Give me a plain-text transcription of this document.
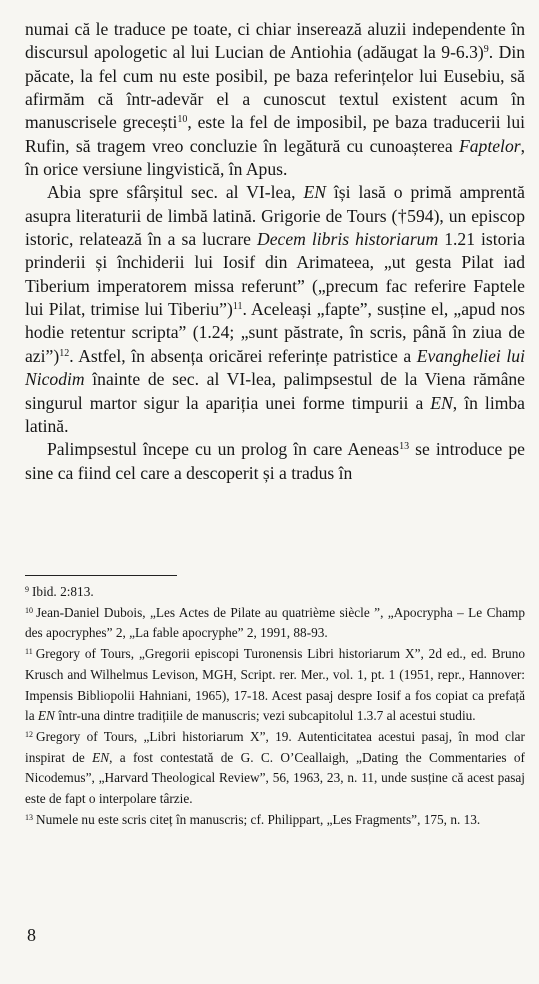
numai că le traduce pe toate, ci chiar inserează aluzii independente în discursul apologetic al lui Lucian de Antiohia (adăugat la 9-6.3)$^9$. Din păcate, la fel cum nu este posibil, pe baza referințelor lui Eusebiu, să afirmăm că într-adevăr el a cunoscut textul existent acum în manuscrisele grecești$^{10}$, este la fel de imposibil, pe baza traducerii lui Rufin, să tragem vreo concluzie în legătură cu cunoașterea Faptelor, în orice versiune lingvistică, în Apus.

Abia spre sfârșitul sec. al VI-lea, EN își lasă o primă amprentă asupra literaturii de limbă latină. Grigorie de Tours (†594), un episcop istoric, relatează în a sa lucrare Decem libris historiarum 1.21 istoria prinderii și închiderii lui Iosif din Arimateea, „ut gesta Pilat iad Tiberium imperatorem missa referunt” („precum fac referire Faptele lui Pilat, trimise lui Tiberiu”)$^{11}$. Aceleași „fapte”, susține el, „apud nos hodie retentur scripta” (1.24; „sunt păstrate, în scris, până în ziua de azi”)$^{12}$. Astfel, în absența oricărei referințe patristice a Evangheliei lui Nicodim înainte de sec. al VI-lea, palimpsestul de la Viena rămâne singurul martor sigur la apariția unei forme timpurii a EN, în limba latină.

Palimpsestul începe cu un prolog în care Aeneas$^{13}$ se introduce pe sine ca fiind cel care a descoperit și a tradus în

$^9$ Ibid. 2:813.

$^{10}$ Jean-Daniel Dubois, „Les Actes de Pilate au quatrième siècle ”, „Apocrypha – Le Champ des apocryphes” 2, „La fable apocryphe” 2, 1991, 88-93.

$^{11}$ Gregory of Tours, „Gregorii episcopi Turonensis Libri historiarum X”, 2d ed., ed. Bruno Krusch and Wilhelmus Levison, MGH, Script. rer. Mer., vol. 1, pt. 1 (1951, repr., Hannover: Impensis Bibliopolii Hahniani, 1965), 17-18. Acest pasaj despre Iosif a fos copiat ca prefață la EN într-una dintre tradițiile de manuscris; vezi subcapitolul 1.3.7 al acestui studiu.

$^{12}$ Gregory of Tours, „Libri historiarum X”, 19. Autenticitatea acestui pasaj, în mod clar inspirat de EN, a fost contestată de G. C. O’Ceallaigh, „Dating the Commentaries of Nicodemus”, „Harvard Theological Review”, 56, 1963, 23, n. 11, unde susține că acest pasaj este de fapt o interpolare târzie.

$^{13}$ Numele nu este scris citeț în manuscris; cf. Philippart, „Les Fragments”, 175, n. 13.

8
